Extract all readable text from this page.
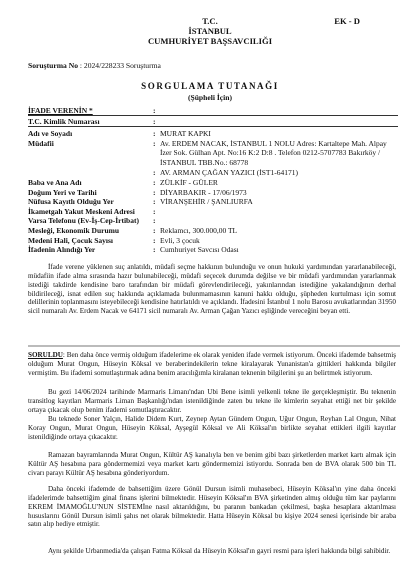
T.C.
İSTANBUL
CUMHURİYET BAŞSAVCILIĞI
EK - D
Soruşturma No : 2024/228233 Soruşturma
SORGULAMA TUTANAĞI
(Şüpheli İçin)
İFADE VERENİN *	:
T.C. Kimlik Numarası	:
Adı ve Soyadı	: MURAT KAPKI
Müdafii	: Av. ERDEM NACAK, İSTANBUL 1 NOLU Adres: Kartaltepe Mah. Alpay İzer Sok. Gülhan Apt. No:16 K:2 D:8 . Telefon 0212-5707783 Bakırköy / İSTANBUL TBB.No.: 68778
: AV. ARMAN ÇAĞAN YAZICI (İST1-64171)
Baba ve Ana Adı	: ZÜLKİF - GÜLER
Doğum Yeri ve Tarihi	: DİYARBAKIR - 17/06/1973
Nüfusa Kayıtlı Olduğu Yer	: VİRANŞEHİR / ŞANLIURFA
İkametgah Yakut Meskeni Adresi	:
Varsa Telefonu (Ev-İş-Cep-İrtibat)	:
Mesleği, Ekonomik Durumu	: Reklamcı, 300.000,00 TL
Medeni Hali, Çocuk Sayısı	: Evli, 3 çocuk
İfadenin Alındığı Yer	: Cumhuriyet Savcısı Odası
İfade verene yüklenen suç anlatıldı, müdafi seçme hakkının bulunduğu ve onun hukuki yardımından yararlanabileceği, müdafiin ifade alma sırasında hazır bulunabileceği, müdafi seçecek durumda değilse ve bir müdafi yardımından yararlanmak istediği takdirde kendisine baro tarafından bir müdafi görevlendirileceği, yakınlarından istediğine yakalandığının derhal bildirileceği, isnat edilen suç hakkında açıklamada bulunmamasının kanuni hakkı olduğu, şüpheden kurtulması için somut delillerinin toplanmasını isteyebileceği kendisine hatırlatıldı ve açıklandı. İfadesini İstanbul 1 nolu Barosu avukatlarından 31950 sicil numaralı Av. Erdem Nacak ve 64171 sicil numaralı Av. Arman Çağan Yazıcı eşliğinde vereceğini beyan etti.
SORULDU: Ben daha önce vermiş olduğum ifadelerime ek olarak yeniden ifade vermek istiyorum. Önceki ifademde bahsetmiş olduğum Murat Ongun, Hüseyin Köksal ve beraberindekilerin tekne kiralayarak Yunanistan'a gittikleri hakkında bilgiler vermiştim. Bu ifademi somutlaştırmak adına benim aracılığımla kiralanan teknenin bilgilerini şu an belirtmek istiyorum.
Bu gezi 14/06/2024 tarihinde Marmaris Limanı'ndan Ubi Bene isimli yelkenli tekne ile gerçekleşmiştir. Bu teknenin transitlog kayıtları Marmaris Liman Başkanlığı'ndan istenildiğinde zaten bu tekne ile kimlerin seyahat ettiği net bir şekilde ortaya çıkacak olup benim ifademi somutlaştıracaktır.
Bu teknede Soner Yalçın, Halide Didem Kurt, Zeynep Aytan Gündem Ongun, Uğur Ongun, Reyhan Lal Ongun, Nihat Koray Ongun, Murat Ongun, Hüseyin Köksal, Ayşegül Köksal ve Ali Köksal'ın birlikte seyahat ettikleri ilgili kayıtlar istenildiğinde ortaya çıkacaktır.
Ramazan bayramlarında Murat Ongun, Kültür AŞ kanalıyla ben ve benim gibi bazı şirketlerden market kartı almak için Kültür AŞ hesabına para göndermemizi veya market kartı göndermemizi istiyordu. Sonrada ben de BVA olarak 500 bin TL civarı parayı Kültür AŞ hesabına gönderiyordum.
Daha önceki ifademde de bahsettiğim üzere Gönül Dursun isimli muhasebeci, Hüseyin Köksal'ın yine daha önceki ifadelerimde bahsettiğim ginal finans işlerini bilmektedir. Hüseyin Köksal'ın BVA şirketinden almış olduğu tüm kar paylarını EKREM İMAMOĞLU'NUN SİSTEMİne nasıl aktarıldığını, bu paranın bankadan çekilmesi, başka hesaplara aktarılması hususlarını Gönül Dursun isimli şahıs net olarak bilmektedir. Hatta Hüseyin Köksal bu kişiye 2024 senesi içerisinde bir araba satın alıp hediye etmiştir.
Aynı şekilde Urbanmedia'da çalışan Fatma Köksal da Hüseyin Köksal'ın gayri resmi para işleri hakkında bilgi sahibidir.
